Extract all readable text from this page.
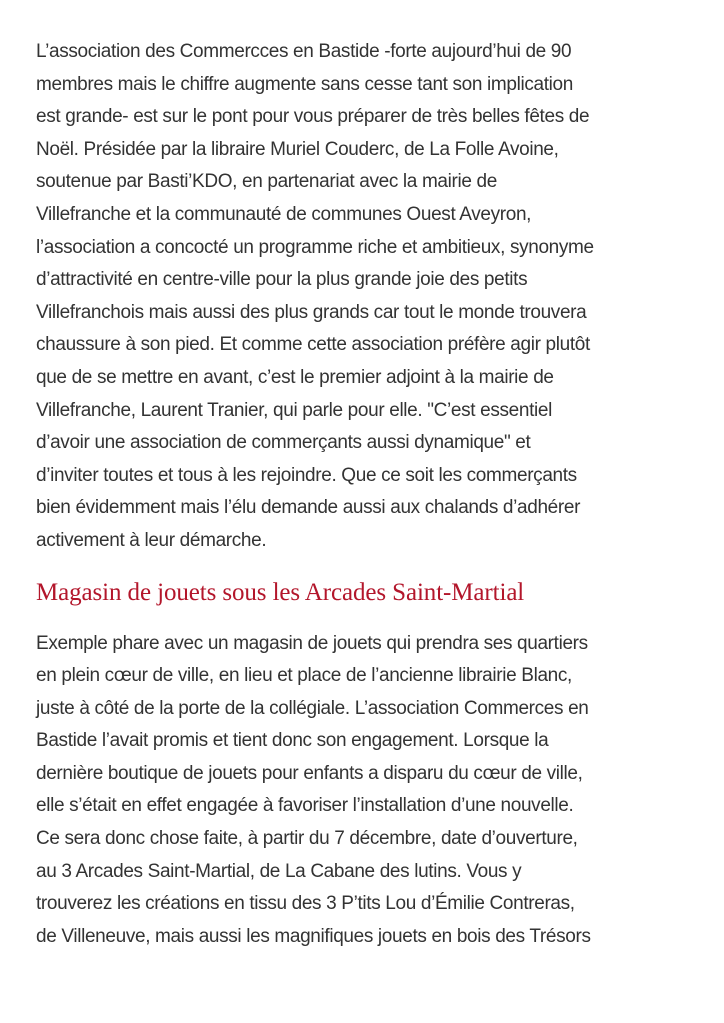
L’association des Commercces en Bastide -forte aujourd’hui de 90
membres mais le chiffre augmente sans cesse tant son implication
est grande- est sur le pont pour vous préparer de très belles fêtes de
Noël. Présidée par la libraire Muriel Couderc, de La Folle Avoine,
soutenue par Basti’KDO, en partenariat avec la mairie de
Villefranche et la communauté de communes Ouest Aveyron,
l’association a concocté un programme riche et ambitieux, synonyme
d’attractivité en centre-ville pour la plus grande joie des petits
Villefranchois mais aussi des plus grands car tout le monde trouvera
chaussure à son pied. Et comme cette association préfère agir plutôt
que de se mettre en avant, c’est le premier adjoint à la mairie de
Villefranche, Laurent Tranier, qui parle pour elle. "C’est essentiel
d’avoir une association de commerçants aussi dynamique" et
d’inviter toutes et tous à les rejoindre. Que ce soit les commerçants
bien évidemment mais l’élu demande aussi aux chalands d’adhérer
activement à leur démarche.

Magasin de jouets sous les Arcades Saint-Martial

Exemple phare avec un magasin de jouets qui prendra ses quartiers
en plein cœur de ville, en lieu et place de l’ancienne librairie Blanc,
juste à côté de la porte de la collégiale. L’association Commerces en
Bastide l’avait promis et tient donc son engagement. Lorsque la
dernière boutique de jouets pour enfants a disparu du cœur de ville,
elle s’était en effet engagée à favoriser l’installation d’une nouvelle.
Ce sera donc chose faite, à partir du 7 décembre, date d’ouverture,
au 3 Arcades Saint-Martial, de La Cabane des lutins. Vous y
trouverez les créations en tissu des 3 P’tits Lou d’Émilie Contreras,
de Villeneuve, mais aussi les magnifiques jouets en bois des Trésors
